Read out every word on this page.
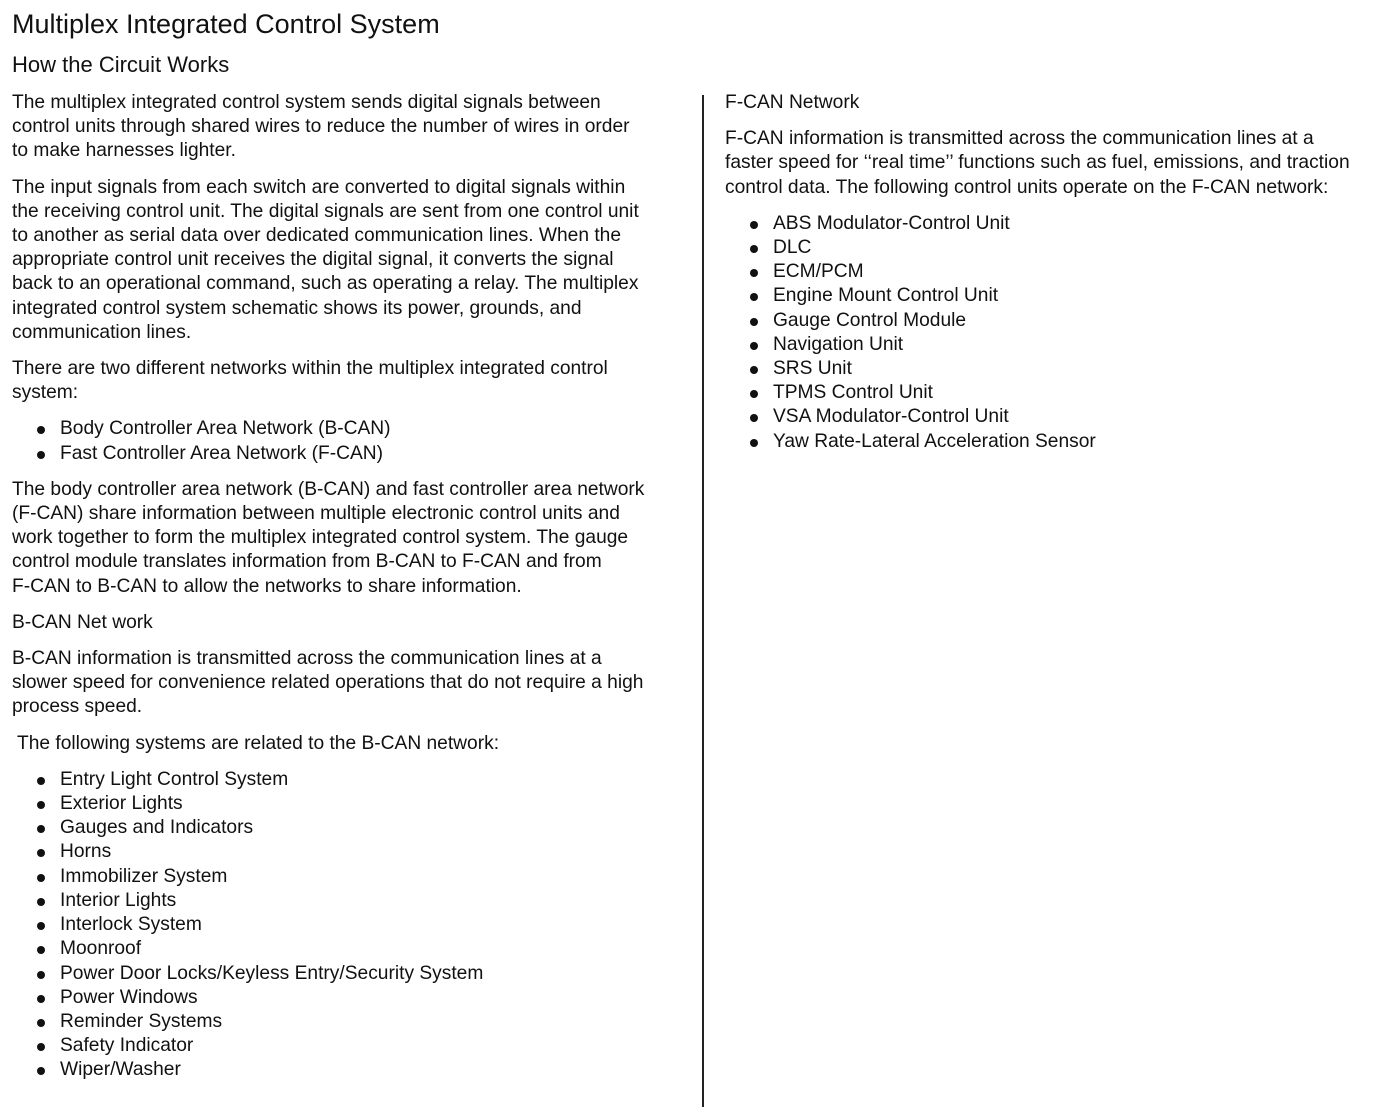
Multiplex Integrated Control System
How the Circuit Works

The multiplex integrated control system sends digital signals between
control units through shared wires to reduce the number of wires in order
to make harnesses lighter.

The input signals from each switch are converted to digital signals within
the receiving control unit. The digital signals are sent from one control unit
to another as serial data over dedicated communication lines. When the
appropriate control unit receives the digital signal, it converts the signal
back to an operational command, such as operating a relay. The multiplex
integrated control system schematic shows its power, grounds, and
communication lines.

There are two different networks within the multiplex integrated control
system:

Body Controller Area Network (B-CAN)
Fast Controller Area Network (F-CAN)

The body controller area network (B-CAN) and fast controller area network
(F-CAN) share information between multiple electronic control units and
work together to form the multiplex integrated control system. The gauge
control module translates information from B-CAN to F-CAN and from
F-CAN to B-CAN to allow the networks to share information.

B-CAN Net work

B-CAN information is transmitted across the communication lines at a
slower speed for convenience related operations that do not require a high
process speed.

The following systems are related to the B-CAN network:

Entry Light Control System
Exterior Lights
Gauges and Indicators
Horns
Immobilizer System
Interior Lights
Interlock System
Moonroof
Power Door Locks/Keyless Entry/Security System
Power Windows
Reminder Systems
Safety Indicator
Wiper/Washer
F-CAN Network

F-CAN information is transmitted across the communication lines at a
faster speed for ‘‘real time’’ functions such as fuel, emissions, and traction
control data. The following control units operate on the F-CAN network:

ABS Modulator-Control Unit
DLC
ECM/PCM
Engine Mount Control Unit
Gauge Control Module
Navigation Unit
SRS Unit
TPMS Control Unit
VSA Modulator-Control Unit
Yaw Rate-Lateral Acceleration Sensor
